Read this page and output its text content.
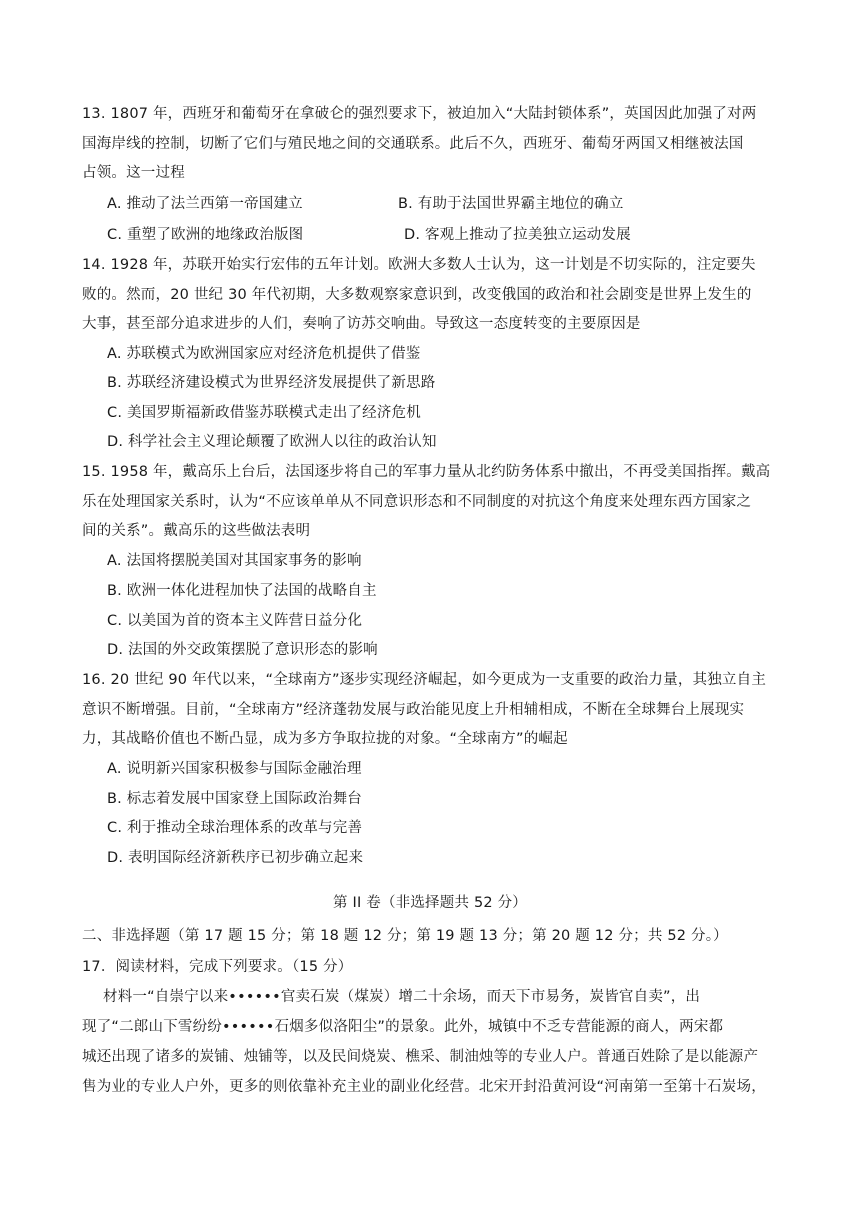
13. 1807 年，西班牙和葡萄牙在拿破仑的强烈要求下，被迫加入“大陆封锁体系”，英国因此加强了对两
国海岸线的控制，切断了它们与殖民地之间的交通联系。此后不久，西班牙、葡萄牙两国又相继被法国
占领。这一过程
A. 推动了法兰西第一帝国建立	B. 有助于法国世界霸主地位的确立
C. 重塑了欧洲的地缘政治版图	D. 客观上推动了拉美独立运动发展
14. 1928 年，苏联开始实行宏伟的五年计划。欧洲大多数人士认为，这一计划是不切实际的，注定要失
败的。然而，20 世纪 30 年代初期，大多数观察家意识到，改变俄国的政治和社会剧变是世界上发生的
大事，甚至部分追求进步的人们，奏响了访苏交响曲。导致这一态度转变的主要原因是
A. 苏联模式为欧洲国家应对经济危机提供了借鉴
B. 苏联经济建设模式为世界经济发展提供了新思路
C. 美国罗斯福新政借鉴苏联模式走出了经济危机
D. 科学社会主义理论颠覆了欧洲人以往的政治认知
15. 1958 年，戴高乐上台后，法国逐步将自己的军事力量从北约防务体系中撤出，不再受美国指挥。戴高
乐在处理国家关系时，认为“不应该单单从不同意识形态和不同制度的对抗这个角度来处理东西方国家之
间的关系”。戴高乐的这些做法表明
A. 法国将摆脱美国对其国家事务的影响
B. 欧洲一体化进程加快了法国的战略自主
C. 以美国为首的资本主义阵营日益分化
D. 法国的外交政策摆脱了意识形态的影响
16. 20 世纪 90 年代以来，“全球南方”逐步实现经济崛起，如今更成为一支重要的政治力量，其独立自主
意识不断增强。目前，“全球南方”经济蓬勃发展与政治能见度上升相辅相成，不断在全球舞台上展现实
力，其战略价值也不断凸显，成为多方争取拉拢的对象。“全球南方”的崛起
A. 说明新兴国家积极参与国际金融治理
B. 标志着发展中国家登上国际政治舞台
C. 利于推动全球治理体系的改革与完善
D. 表明国际经济新秩序已初步确立起来
第 II 卷（非选择题共 52 分）
二、非选择题（第 17 题 15 分；第 18 题 12 分；第 19 题 13 分；第 20 题 12 分；共 52 分。）
17．阅读材料，完成下列要求。（15 分）
材料一“自崇宁以来••••••官卖石炭（煤炭）增二十余场，而天下市易务，炭皆官自卖”，出
现了“二郎山下雪纷纷••••••石烟多似洛阳尘”的景象。此外，城镇中不乏专营能源的商人，两宋都
城还出现了诸多的炭铺、烛铺等，以及民间烧炭、樵采、制油烛等的专业人户。普通百姓除了是以能源产
售为业的专业人户外，更多的则依靠补充主业的副业化经营。北宋开封沿黄河设“河南第一至第十石炭场，
